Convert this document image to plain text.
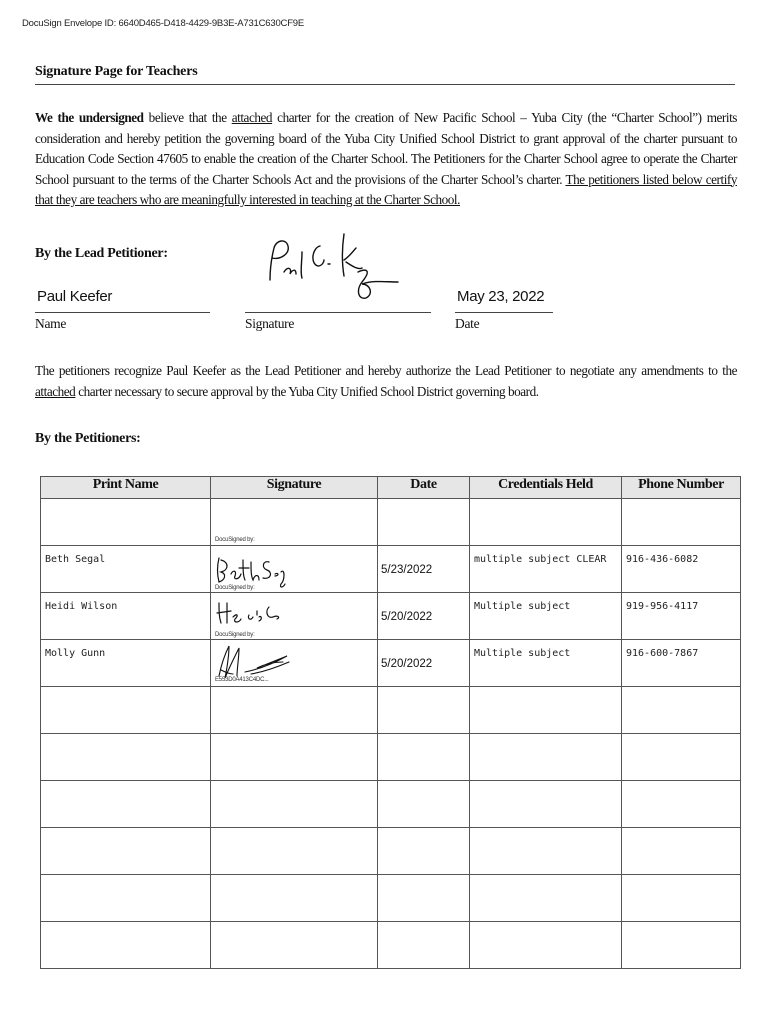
DocuSign Envelope ID: 6640D465-D418-4429-9B3E-A731C630CF9E
Signature Page for Teachers

We the undersigned believe that the attached charter for the creation of New Pacific School – Yuba City (the “Charter School”) merits consideration and hereby petition the governing board of the Yuba City Unified School District to grant approval of the charter pursuant to Education Code Section 47605 to enable the creation of the Charter School. The Petitioners for the Charter School agree to operate the Charter School pursuant to the terms of the Charter Schools Act and the provisions of the Charter School’s charter. The petitioners listed below certify that they are teachers who are meaningfully interested in teaching at the Charter School.

By the Lead Petitioner:
Paul Keefer	May 23, 2022
Name	Signature	Date

The petitioners recognize Paul Keefer as the Lead Petitioner and hereby authorize the Lead Petitioner to negotiate any amendments to the attached charter necessary to secure approval by the Yuba City Unified School District governing board.

By the Petitioners:
Print Name	Signature	Date	Credentials Held	Phone Number

	DocuSigned by:			

Beth Segal	DocuSigned by:	5/23/2022	multiple subject CLEAR	916-436-6082

Heidi Wilson	DocuSigned by:	5/20/2022	Multiple subject	919-956-4117

Molly Gunn	E553D0A413C4DC...	5/20/2022	Multiple subject	916-600-7867
